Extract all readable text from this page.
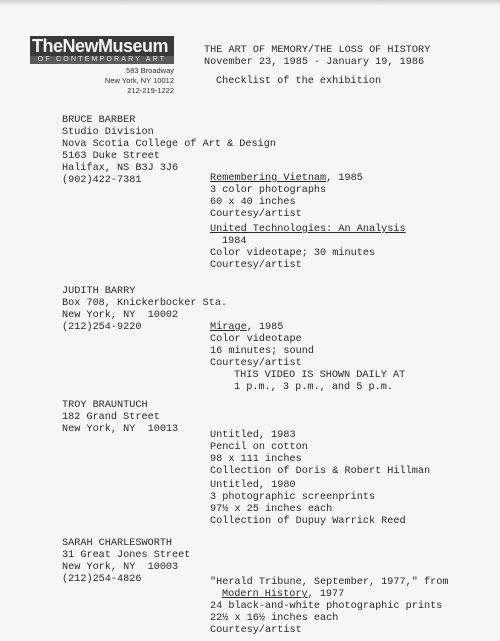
TheNewMuseum
OF CONTEMPORARY ART
583 Broadway
New York, NY 10012
212-219-1222
THE ART OF MEMORY/THE LOSS OF HISTORY
November 23, 1985 - January 19, 1986
Checklist of the exhibition
BRUCE BARBER
Studio Division
Nova Scotia College of Art & Design
5163 Duke Street
Halifax, NS B3J 3J6
(902)422-7381	Remembering Vietnam, 1985
3 color photographs
60 x 40 inches
Courtesy/artist
United Technologies: An Analysis
1984
Color videotape; 30 minutes
Courtesy/artist
JUDITH BARRY
Box 708, Knickerbocker Sta.
New York, NY  10002
(212)254-9220	Mirage, 1985
Color videotape
16 minutes; sound
Courtesy/artist
THIS VIDEO IS SHOWN DAILY AT
1 p.m., 3 p.m., and 5 p.m.
TROY BRAUNTUCH
182 Grand Street
New York, NY  10013
Untitled, 1983
Pencil on cotton
98 x 111 inches
Collection of Doris & Robert Hillman
Untitled, 1980
3 photographic screenprints
97½ x 25 inches each
Collection of Dupuy Warrick Reed
SARAH CHARLESWORTH
31 Great Jones Street
New York, NY  10003
(212)254-4826	"Herald Tribune, September, 1977," from
Modern History, 1977
24 black-and-white photographic prints
22½ x 16½ inches each
Courtesy/artist
